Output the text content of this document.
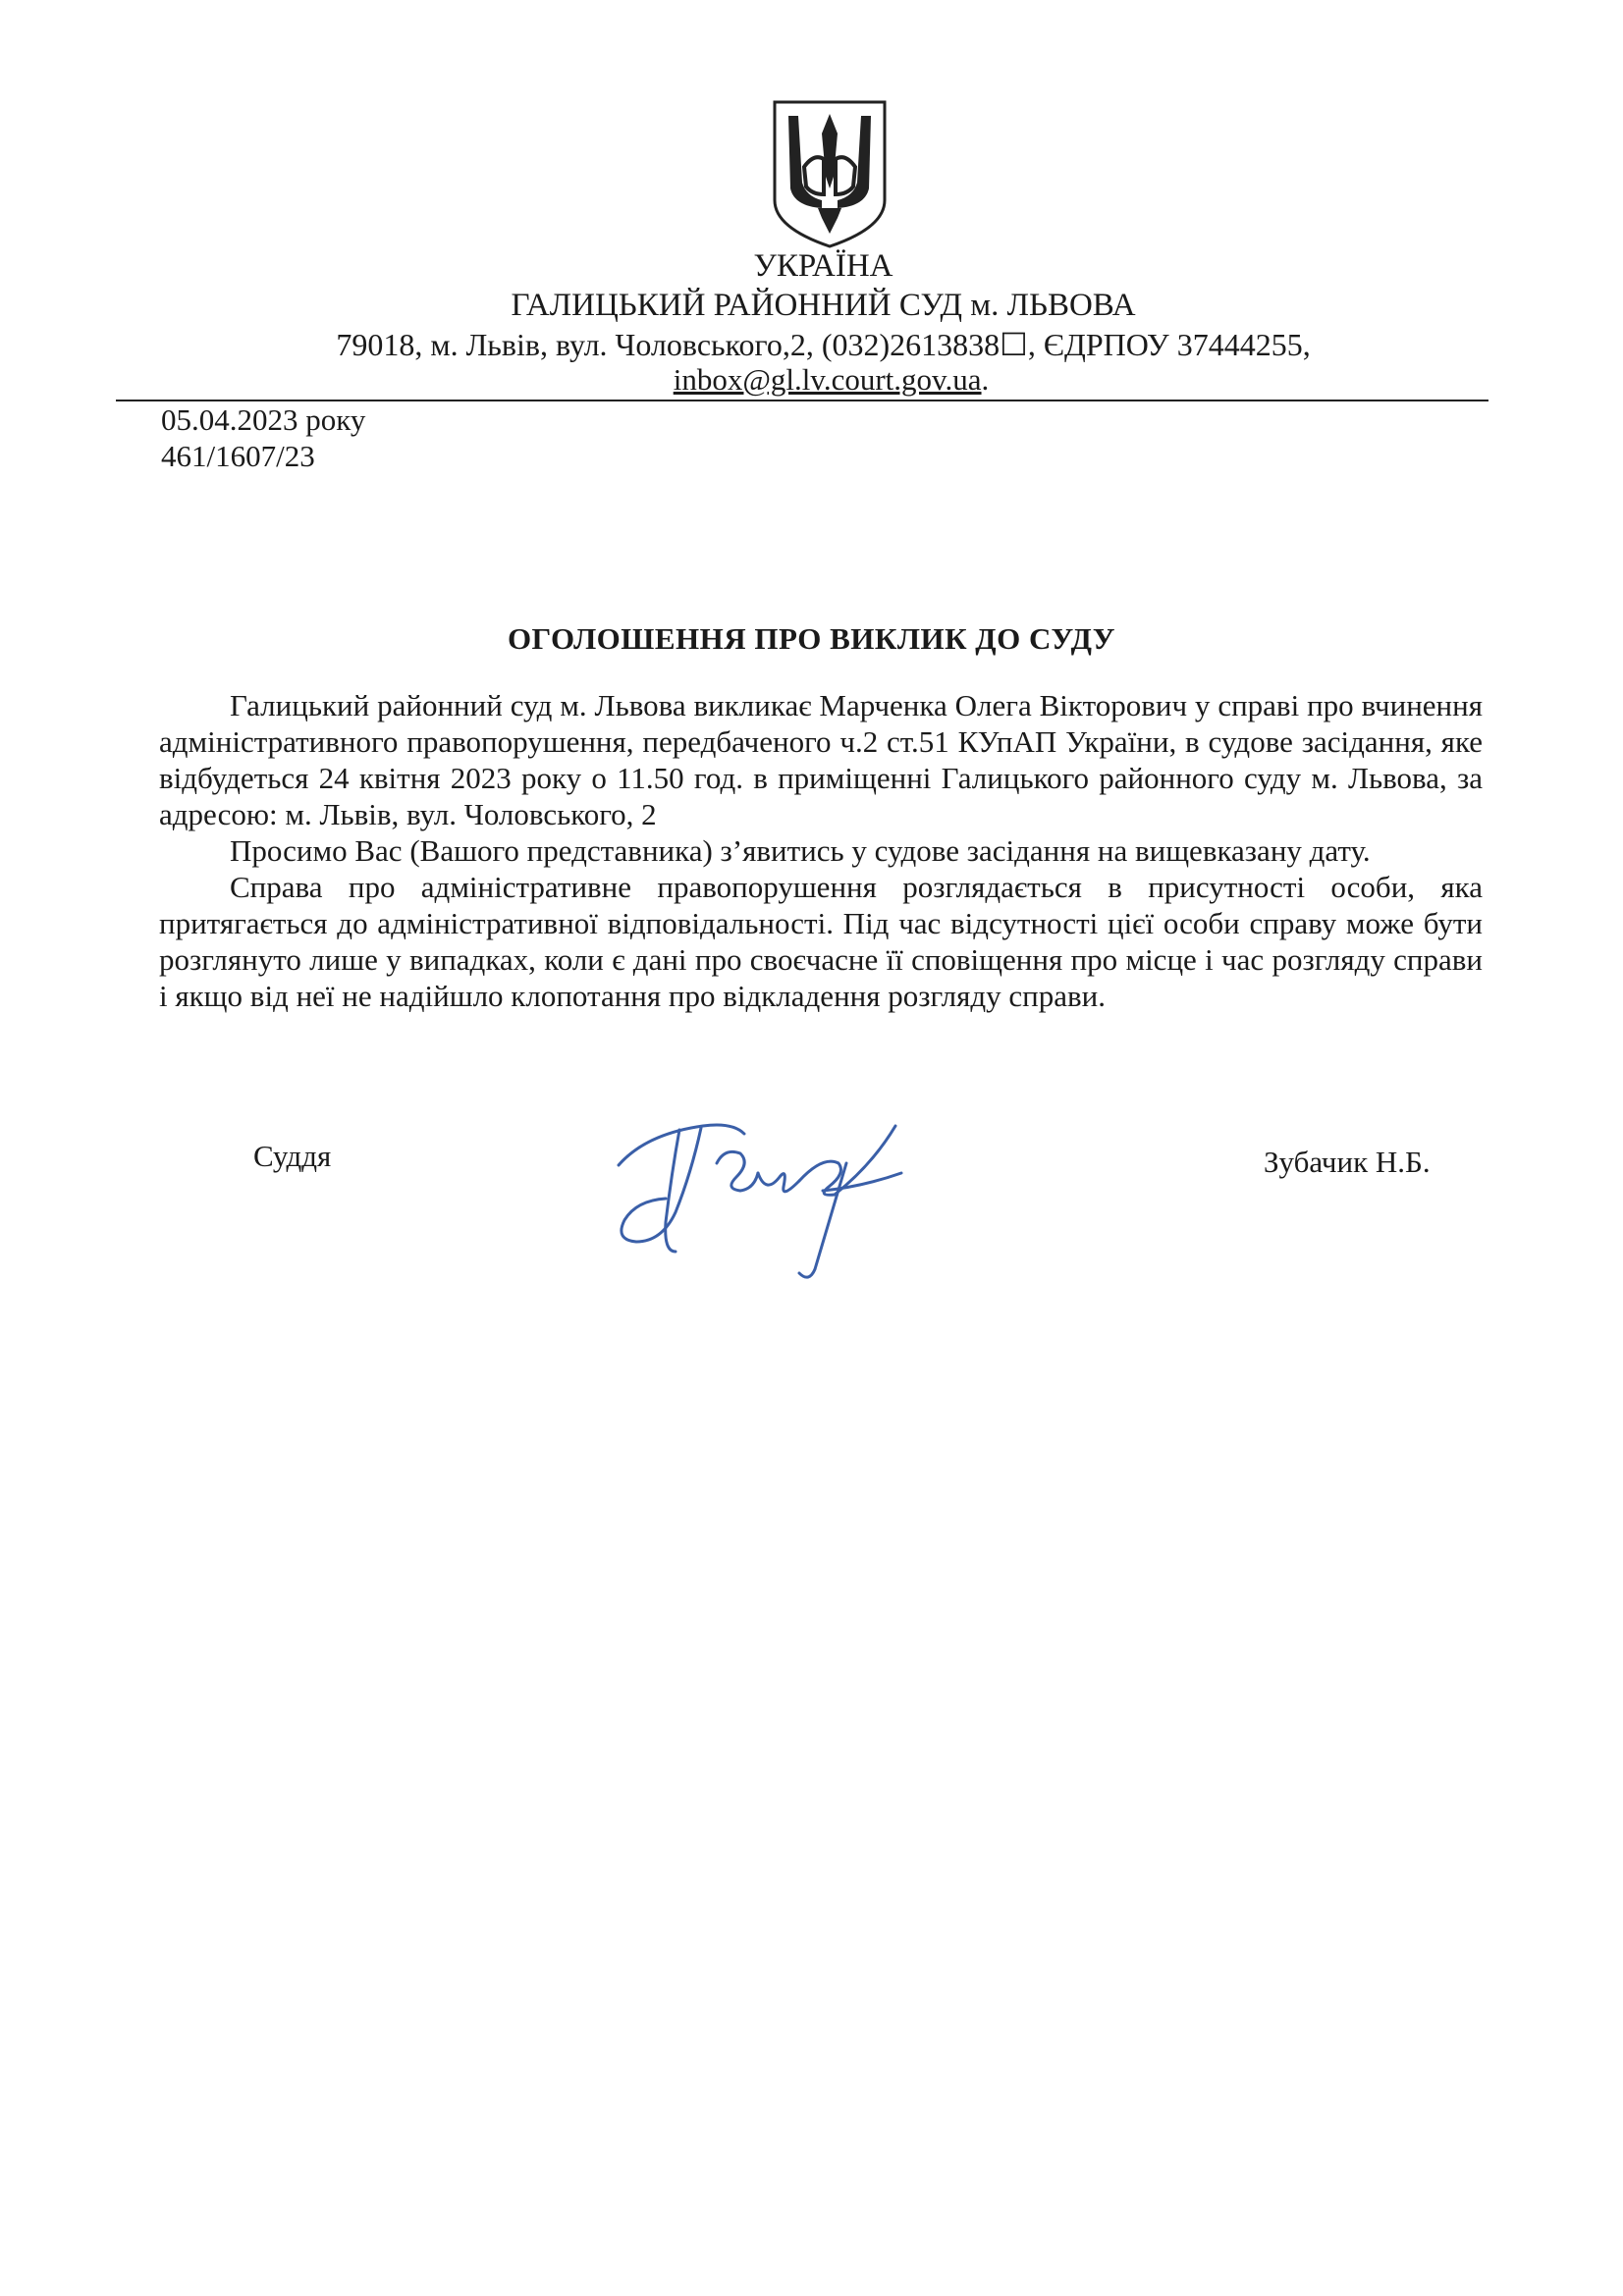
УКРАЇНА
ГАЛИЦЬКИЙ РАЙОННИЙ СУД м. ЛЬВОВА
79018, м. Львів, вул. Чоловського,2, (032)2613838☐, ЄДРПОУ 37444255,
inbox@gl.lv.court.gov.ua.
05.04.2023 року
461/1607/23
ОГОЛОШЕННЯ ПРО ВИКЛИК ДО СУДУ

Галицький районний суд м. Львова викликає Марченка Олега Вікторович у справі про вчинення адміністративного правопорушення, передбаченого ч.2 ст.51 КУпАП України, в судове засідання, яке відбудеться 24 квітня 2023 року о 11.50 год. в приміщенні Галицького районного суду м. Львова, за адресою: м. Львів, вул. Чоловського, 2

Просимо Вас (Вашого представника) з’явитись у судове засідання на вищевказану дату.

Справа про адміністративне правопорушення розглядається в присутності особи, яка притягається до адміністративної відповідальності. Під час відсутності цієї особи справу може бути розглянуто лише у випадках, коли є дані про своєчасне її сповіщення про місце і час розгляду справи і якщо від неї не надійшло клопотання про відкладення розгляду справи.

Суддя	Зубачик Н.Б.
